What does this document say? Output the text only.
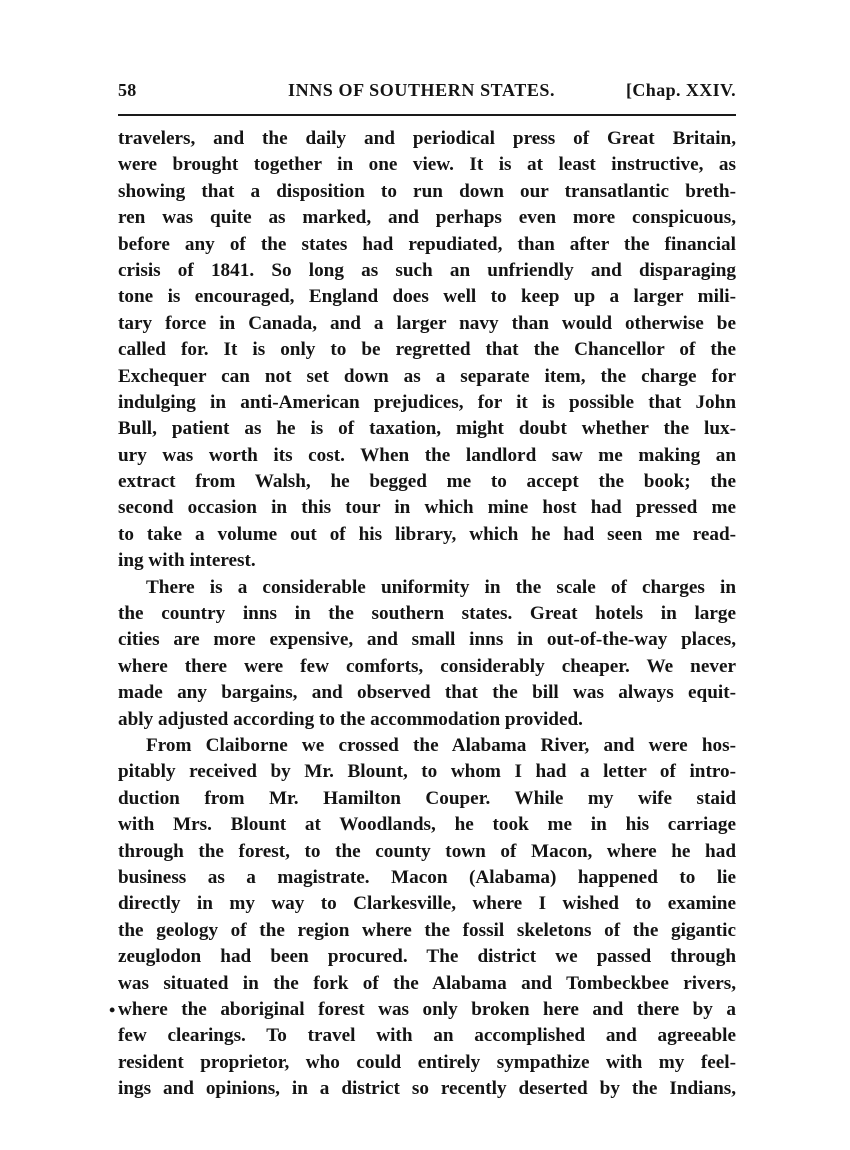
58	INNS OF SOUTHERN STATES.	[Chap. XXIV.
travelers, and the daily and periodical press of Great Britain,
were brought together in one view. It is at least instructive, as
showing that a disposition to run down our transatlantic breth-
ren was quite as marked, and perhaps even more conspicuous,
before any of the states had repudiated, than after the financial
crisis of 1841. So long as such an unfriendly and disparaging
tone is encouraged, England does well to keep up a larger mili-
tary force in Canada, and a larger navy than would otherwise be
called for. It is only to be regretted that the Chancellor of the
Exchequer can not set down as a separate item, the charge for
indulging in anti-American prejudices, for it is possible that John
Bull, patient as he is of taxation, might doubt whether the lux-
ury was worth its cost. When the landlord saw me making an
extract from Walsh, he begged me to accept the book; the
second occasion in this tour in which mine host had pressed me
to take a volume out of his library, which he had seen me read-
ing with interest.
There is a considerable uniformity in the scale of charges in
the country inns in the southern states. Great hotels in large
cities are more expensive, and small inns in out-of-the-way places,
where there were few comforts, considerably cheaper. We never
made any bargains, and observed that the bill was always equit-
ably adjusted according to the accommodation provided.
From Claiborne we crossed the Alabama River, and were hos-
pitably received by Mr. Blount, to whom I had a letter of intro-
duction from Mr. Hamilton Couper. While my wife staid
with Mrs. Blount at Woodlands, he took me in his carriage
through the forest, to the county town of Macon, where he had
business as a magistrate. Macon (Alabama) happened to lie
directly in my way to Clarkesville, where I wished to examine
the geology of the region where the fossil skeletons of the gigantic
zeuglodon had been procured. The district we passed through
was situated in the fork of the Alabama and Tombeckbee rivers,
• where the aboriginal forest was only broken here and there by a
few clearings. To travel with an accomplished and agreeable
resident proprietor, who could entirely sympathize with my feel-
ings and opinions, in a district so recently deserted by the Indians,
